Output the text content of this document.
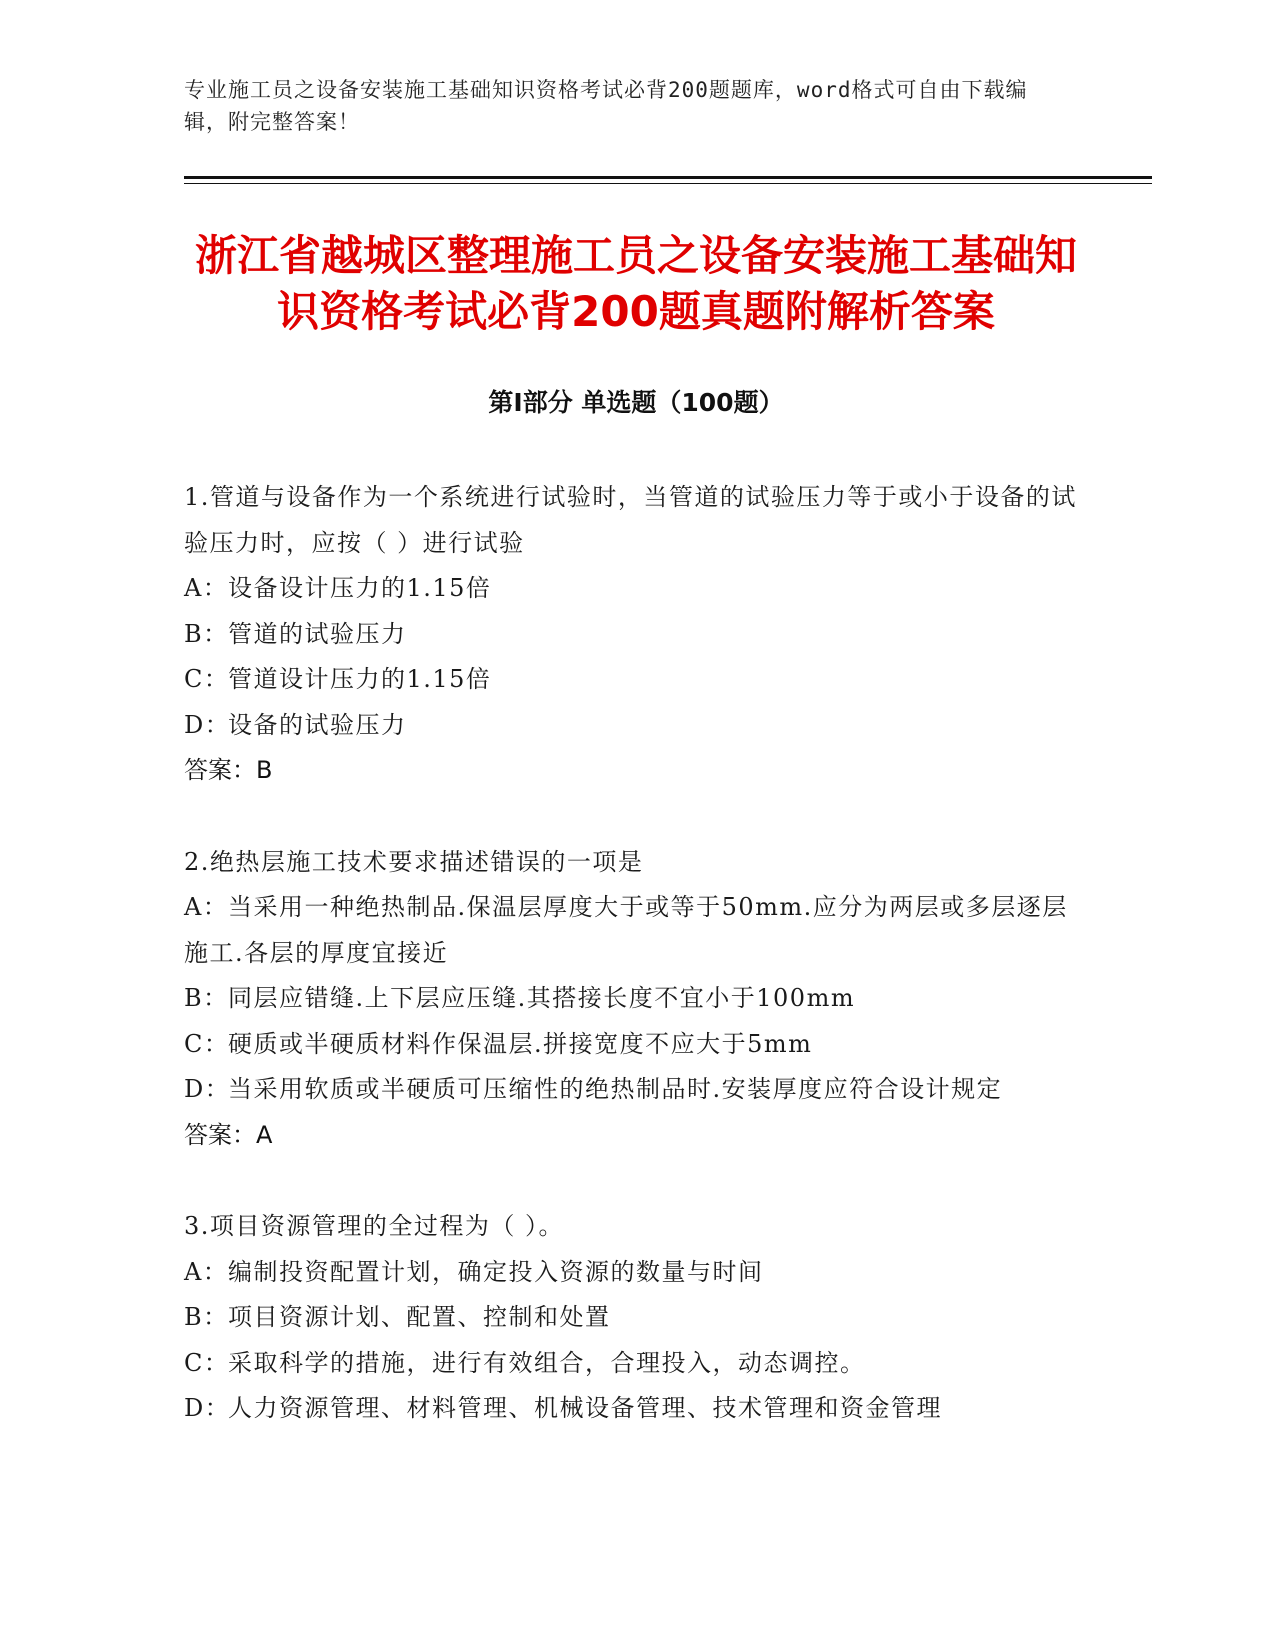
专业施工员之设备安装施工基础知识资格考试必背200题题库，word格式可自由下载编辑，附完整答案！
浙江省越城区整理施工员之设备安装施工基础知识资格考试必背200题真题附解析答案
第Ⅰ部分 单选题（100题）
1.管道与设备作为一个系统进行试验时，当管道的试验压力等于或小于设备的试验压力时，应按（ ）进行试验
A：设备设计压力的1.15倍
B：管道的试验压力
C：管道设计压力的1.15倍
D：设备的试验压力
答案：B
2.绝热层施工技术要求描述错误的一项是
A：当采用一种绝热制品.保温层厚度大于或等于50mm.应分为两层或多层逐层施工.各层的厚度宜接近
B：同层应错缝.上下层应压缝.其搭接长度不宜小于100mm
C：硬质或半硬质材料作保温层.拼接宽度不应大于5mm
D：当采用软质或半硬质可压缩性的绝热制品时.安装厚度应符合设计规定
答案：A
3.项目资源管理的全过程为（ ）。
A：编制投资配置计划，确定投入资源的数量与时间
B：项目资源计划、配置、控制和处置
C：采取科学的措施，进行有效组合，合理投入，动态调控。
D：人力资源管理、材料管理、机械设备管理、技术管理和资金管理
